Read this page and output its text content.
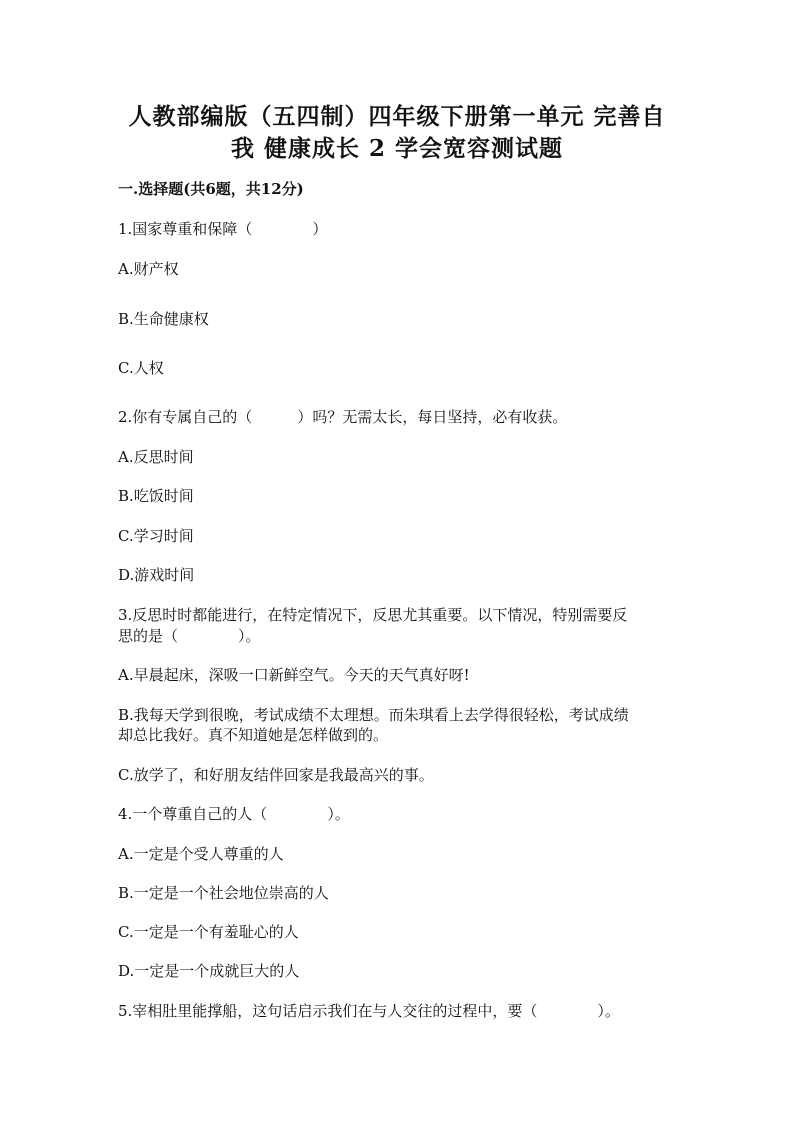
人教部编版（五四制）四年级下册第一单元 完善自
我 健康成长 2 学会宽容测试题

一.选择题(共6题，共12分)

1.国家尊重和保障（　　　　）

A.财产权

B.生命健康权

C.人权

2.你有专属自己的（　　　）吗？无需太长，每日坚持，必有收获。

A.反思时间

B.吃饭时间

C.学习时间

D.游戏时间

3.反思时时都能进行，在特定情况下，反思尤其重要。以下情况，特别需要反

思的是（　　　　）。

A.早晨起床，深吸一口新鲜空气。今天的天气真好呀!

B.我每天学到很晚，考试成绩不太理想。而朱琪看上去学得很轻松，考试成绩

却总比我好。真不知道她是怎样做到的。

C.放学了，和好朋友结伴回家是我最高兴的事。

4.一个尊重自己的人（　　　　）。

A.一定是个受人尊重的人

B.一定是一个社会地位崇高的人

C.一定是一个有羞耻心的人

D.一定是一个成就巨大的人

5.宰相肚里能撑船，这句话启示我们在与人交往的过程中，要（　　　　）。
